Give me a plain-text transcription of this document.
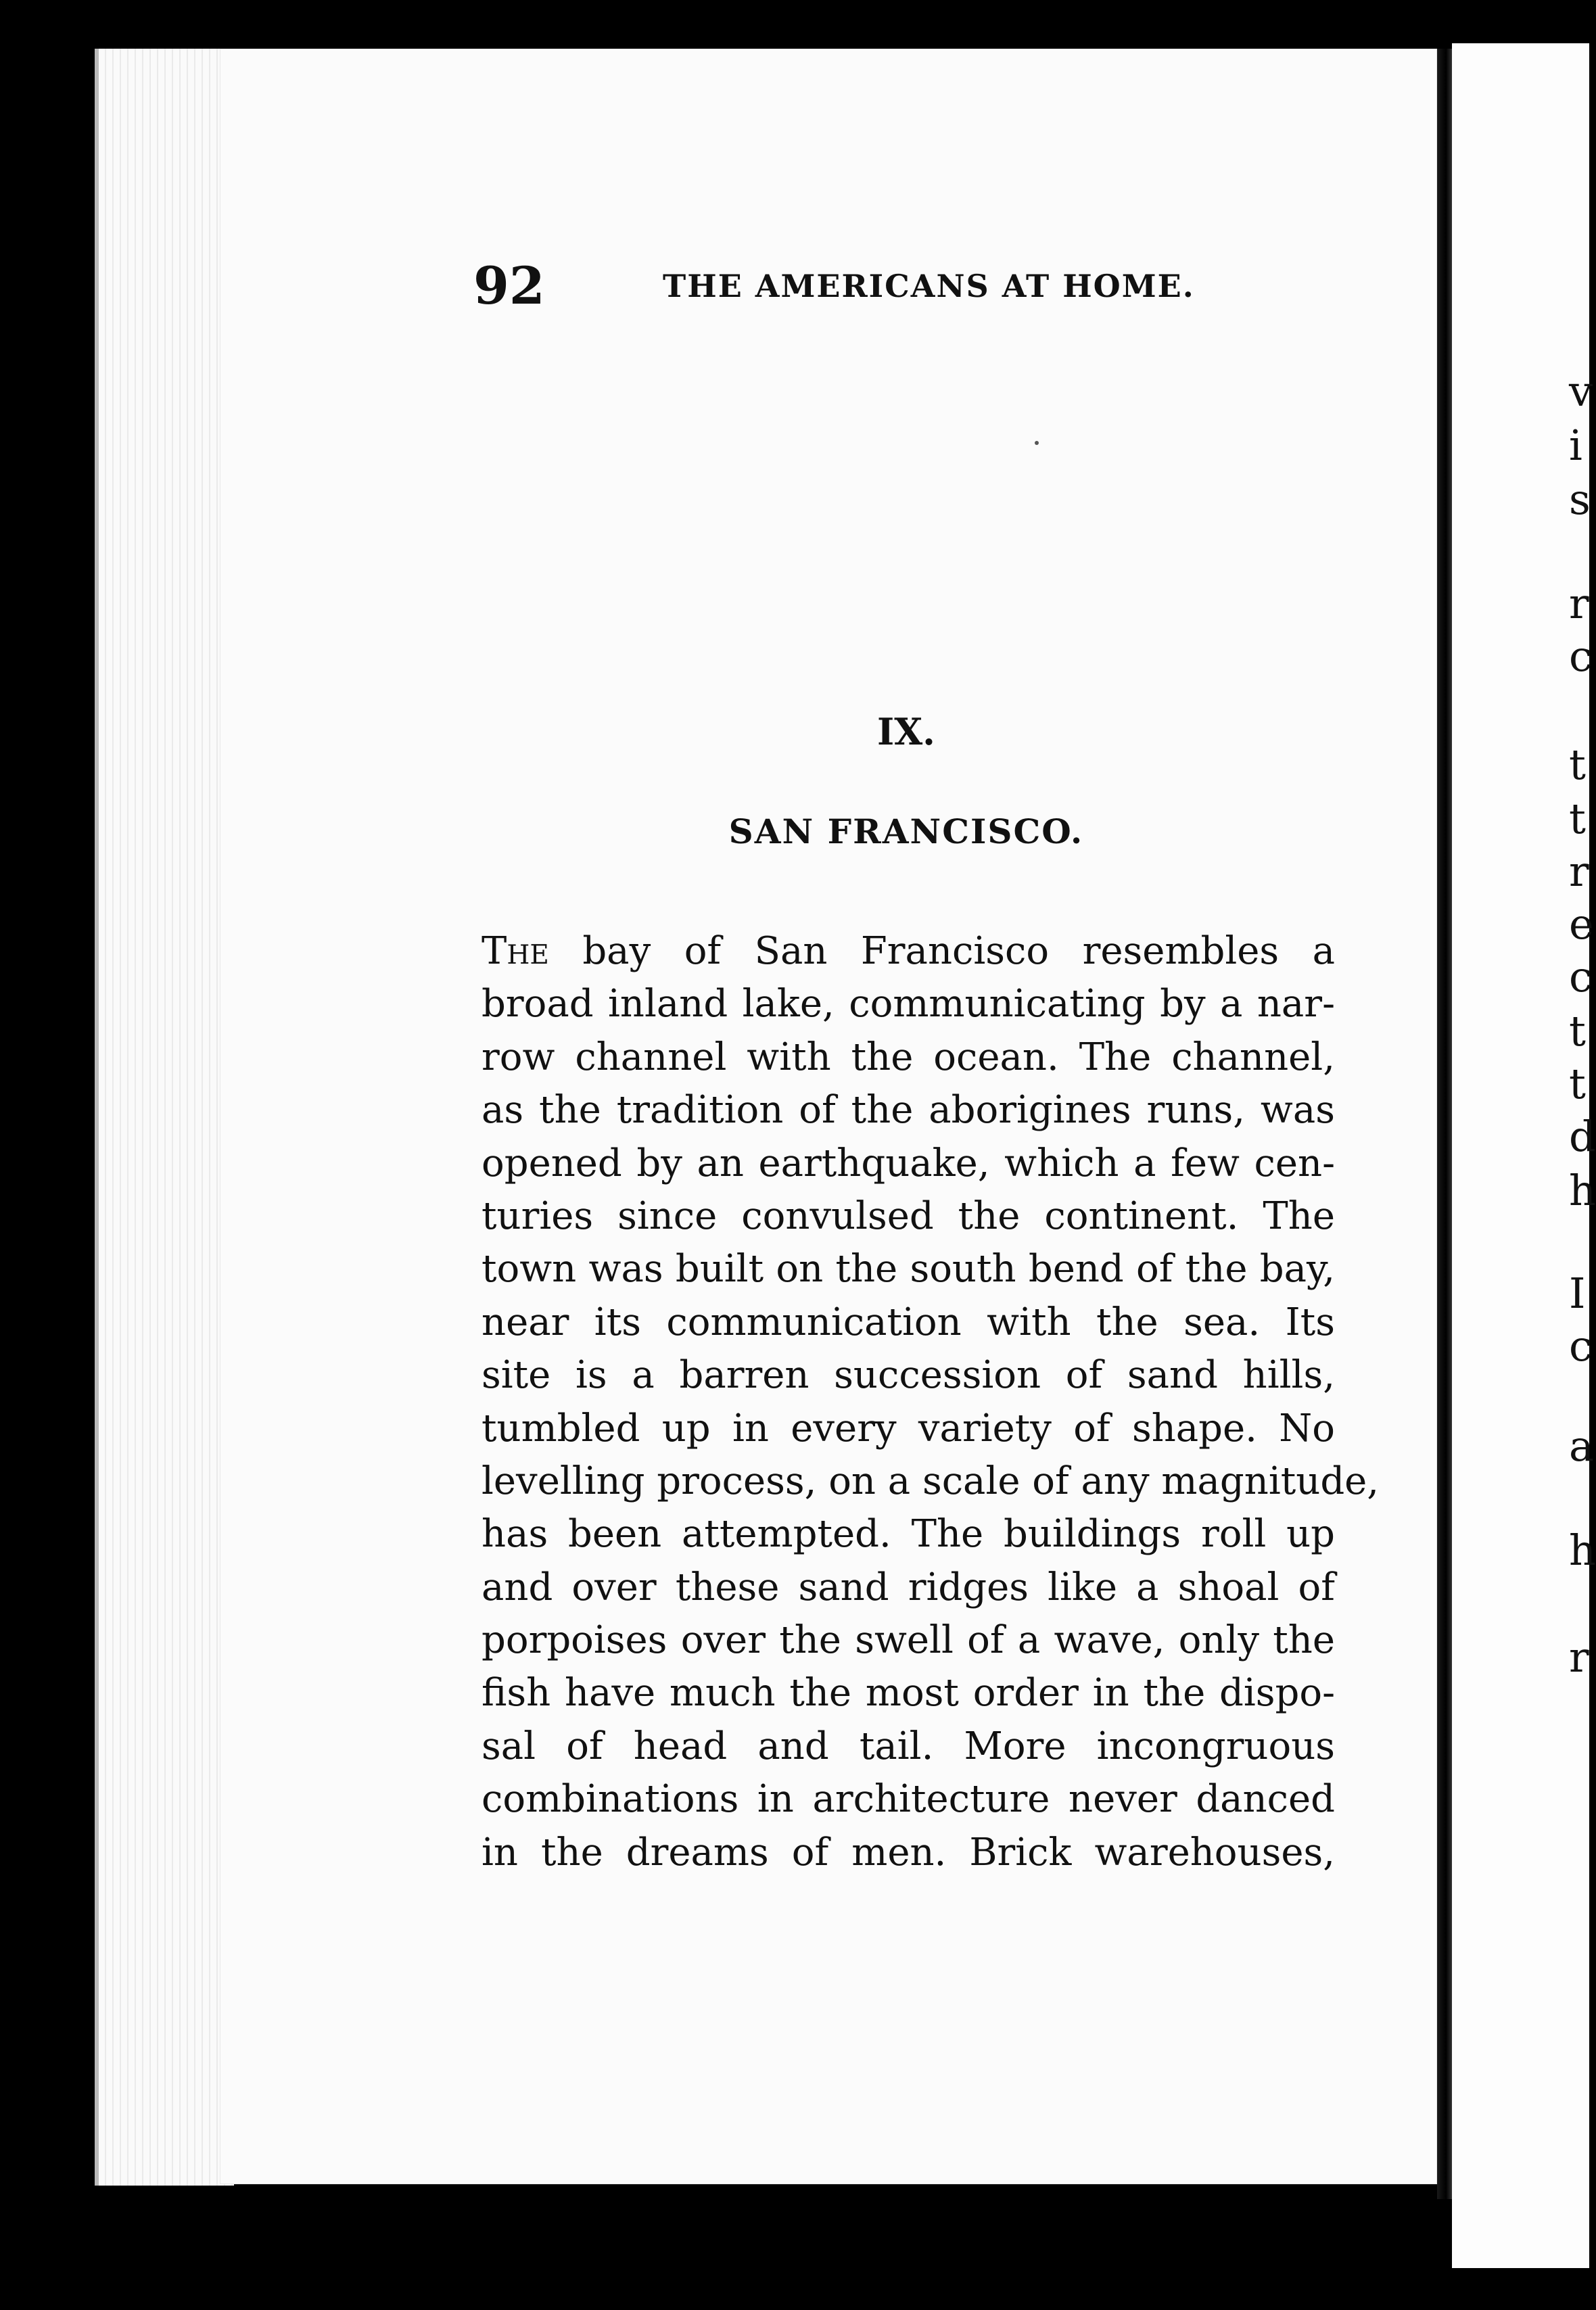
v
i
s
r
c
t
t
r
e
c
t
t
d
h
I
c
a
h
r
92	THE AMERICANS AT HOME.
IX.
SAN FRANCISCO.
The bay of San Francisco resembles a
broad inland lake, communicating by a nar-
row channel with the ocean. The channel,
as the tradition of the aborigines runs, was
opened by an earthquake, which a few cen-
turies since convulsed the continent. The
town was built on the south bend of the bay,
near its communication with the sea. Its
site is a barren succession of sand hills,
tumbled up in every variety of shape. No
levelling process, on a scale of any magnitude,
has been attempted. The buildings roll up
and over these sand ridges like a shoal of
porpoises over the swell of a wave, only the
fish have much the most order in the dispo-
sal of head and tail. More incongruous
combinations in architecture never danced
in the dreams of men. Brick warehouses,
